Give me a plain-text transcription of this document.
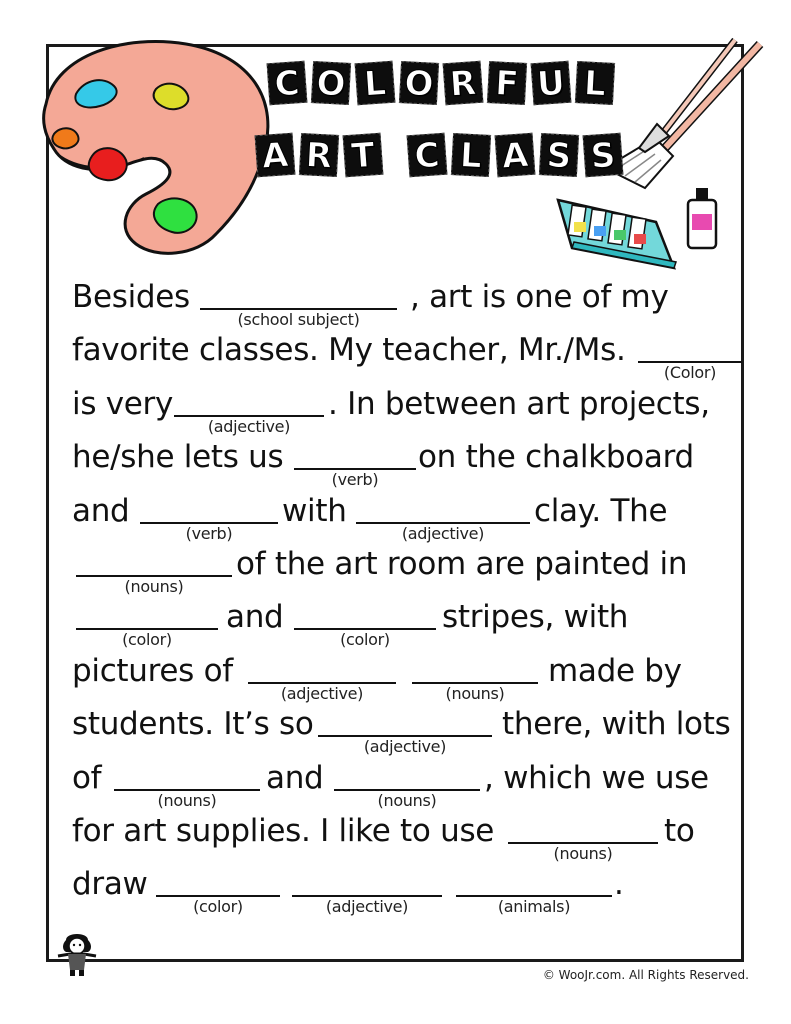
C O L O R F U L
A R T C L A S S
Besides
(school subject)
, art is one of my
favorite classes. My teacher, Mr./Ms.
(Color)
is very
(adjective)
. In between art projects,
he/she lets us
(verb)
on the chalkboard
and
(verb)
with
(adjective)
clay. The
(nouns)
of the art room are painted in
(color)
and
(color)
stripes, with
pictures of
(adjective)	(nouns)
made by
students. It’s so
(adjective)
there, with lots
of
(nouns)
and
(nouns)
, which we use
for art supplies. I like to use
(nouns)
to
draw
(color)	(adjective)	(animals)
.
© WooJr.com. All Rights Reserved.
